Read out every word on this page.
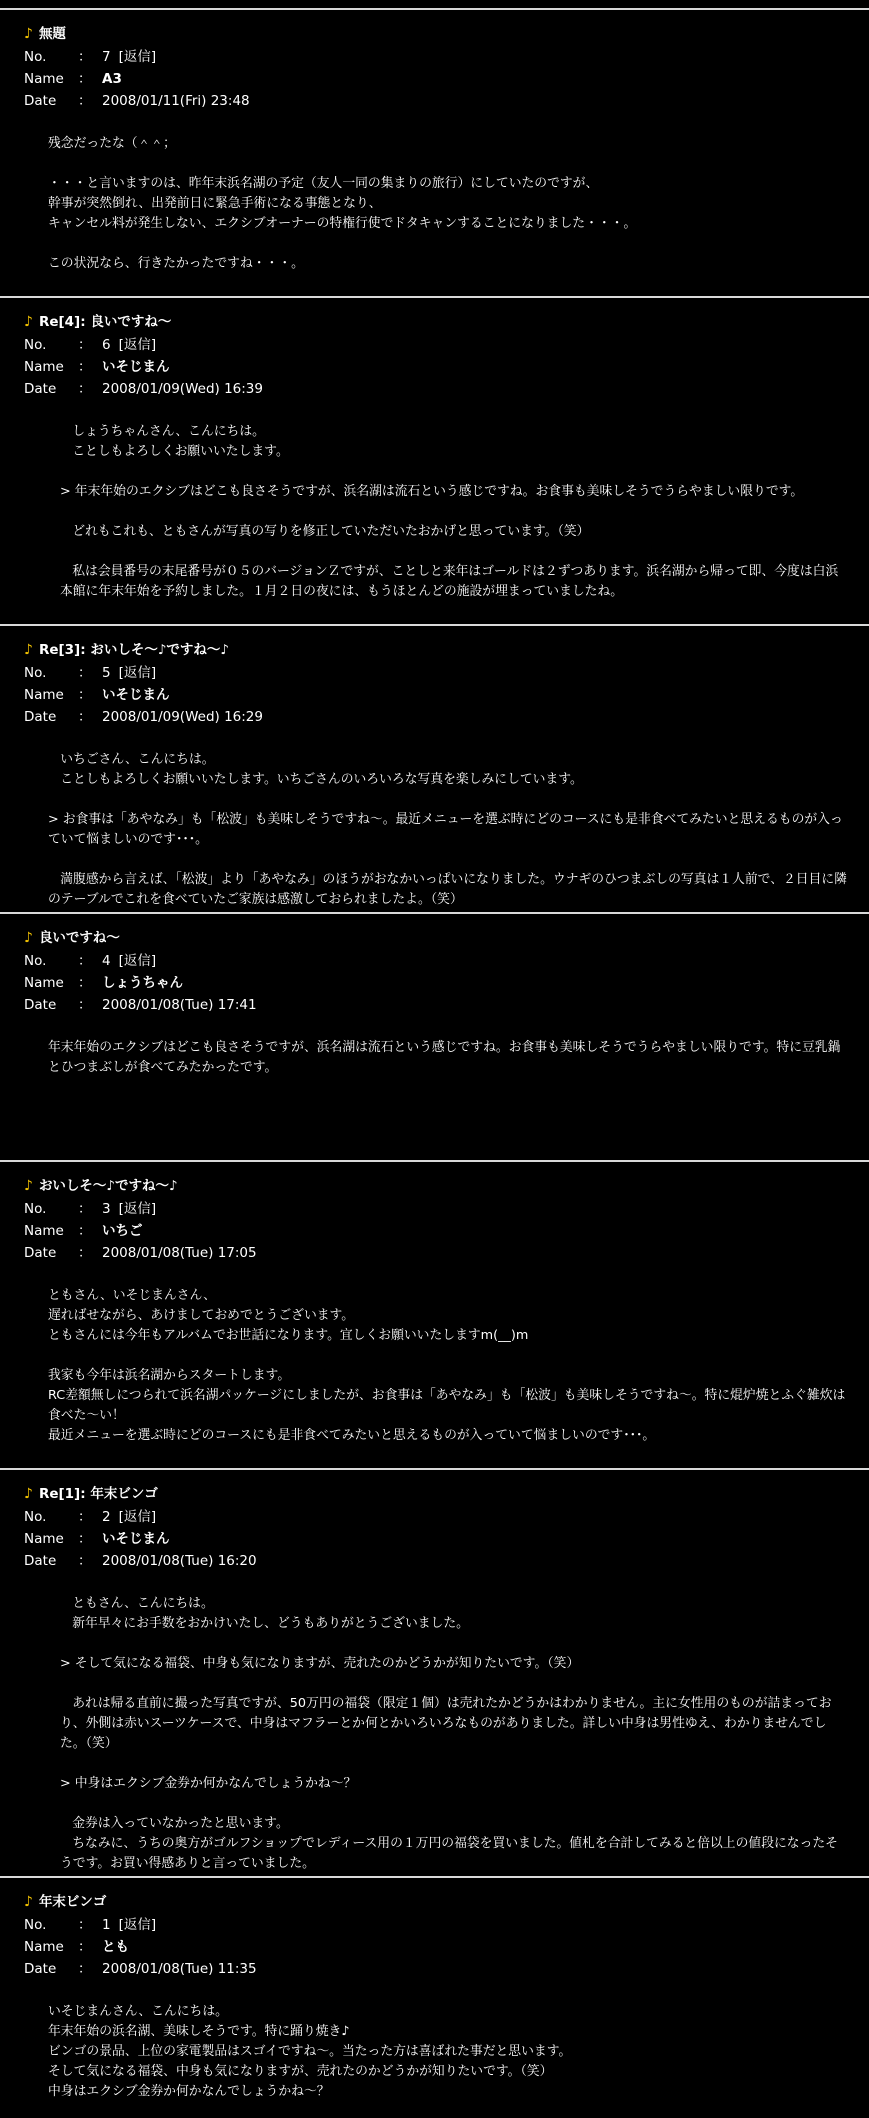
♪ 無題
No. ： 7 [返信]
Name ： A3
Date ： 2008/01/11(Fri) 23:48
残念だったな（＾＾；

・・・と言いますのは、昨年末浜名湖の予定（友人一同の集まりの旅行）にしていたのですが、
幹事が突然倒れ、出発前日に緊急手術になる事態となり、
キャンセル料が発生しない、エクシブオーナーの特権行使でドタキャンすることになりました・・・。

この状況なら、行きたかったですね・・・。
♪ Re[4]: 良いですね〜
No. ： 6 [返信]
Name ： いそじまん
Date ： 2008/01/09(Wed) 16:39
しょうちゃんさん、こんにちは。
ことしもよろしくお願いいたします。

> 年末年始のエクシブはどこも良さそうですが、浜名湖は流石という感じですね。お食事も美味しそうでうらやましい限りです。

どれもこれも、ともさんが写真の写りを修正していただいたおかげと思っています。（笑）

私は会員番号の末尾番号が０５のバージョンＺですが、ことしと来年はゴールドは２ずつあります。浜名湖から帰って即、今度は白浜本館に年末年始を予約しました。１月２日の夜には、もうほとんどの施設が埋まっていましたね。
♪ Re[3]: おいしそ〜♪ですね〜♪
No. ： 5 [返信]
Name ： いそじまん
Date ： 2008/01/09(Wed) 16:29
いちごさん、こんにちは。
ことしもよろしくお願いいたします。いちごさんのいろいろな写真を楽しみにしています。

> お食事は「あやなみ」も「松波」も美味しそうですね〜。最近メニューを選ぶ時にどのコースにも是非食べてみたいと思えるものが入っていて悩ましいのです･･･。

満腹感から言えば、「松波」より「あやなみ」のほうがおなかいっぱいになりました。ウナギのひつまぶしの写真は１人前で、２日目に隣のテーブルでこれを食べていたご家族は感激しておられましたよ。（笑）
♪ 良いですね〜
No. ： 4 [返信]
Name ： しょうちゃん
Date ： 2008/01/08(Tue) 17:41
年末年始のエクシブはどこも良さそうですが、浜名湖は流石という感じですね。お食事も美味しそうでうらやましい限りです。特に豆乳鍋とひつまぶしが食べてみたかったです。
♪ おいしそ〜♪ですね〜♪
No. ： 3 [返信]
Name ： いちご
Date ： 2008/01/08(Tue) 17:05
ともさん、いそじまんさん、
遅ればせながら、あけましておめでとうございます。
ともさんには今年もアルバムでお世話になります。宜しくお願いいたしますm(__)m

我家も今年は浜名湖からスタートします。
RC差額無しにつられて浜名湖パッケージにしましたが、お食事は「あやなみ」も「松波」も美味しそうですね〜。特に焜炉焼とふぐ雑炊は食べた〜い！
最近メニューを選ぶ時にどのコースにも是非食べてみたいと思えるものが入っていて悩ましいのです･･･。
♪ Re[1]: 年末ビンゴ
No. ： 2 [返信]
Name ： いそじまん
Date ： 2008/01/08(Tue) 16:20
ともさん、こんにちは。
新年早々にお手数をおかけいたし、どうもありがとうございました。

> そして気になる福袋、中身も気になりますが、売れたのかどうかが知りたいです。（笑）

あれは帰る直前に撮った写真ですが、50万円の福袋（限定１個）は売れたかどうかはわかりません。主に女性用のものが詰まっており、外側は赤いスーツケースで、中身はマフラーとか何とかいろいろなものがありました。詳しい中身は男性ゆえ、わかりませんでした。（笑）

> 中身はエクシブ金券か何かなんでしょうかね〜？

金券は入っていなかったと思います。
ちなみに、うちの奥方がゴルフショップでレディース用の１万円の福袋を買いました。値札を合計してみると倍以上の値段になったそうです。お買い得感ありと言っていました。
♪ 年末ビンゴ
No. ： 1 [返信]
Name ： とも
Date ： 2008/01/08(Tue) 11:35
いそじまんさん、こんにちは。
年末年始の浜名湖、美味しそうです。特に踊り焼き♪
ビンゴの景品、上位の家電製品はスゴイですね〜。当たった方は喜ばれた事だと思います。
そして気になる福袋、中身も気になりますが、売れたのかどうかが知りたいです。（笑）
中身はエクシブ金券か何かなんでしょうかね〜？
